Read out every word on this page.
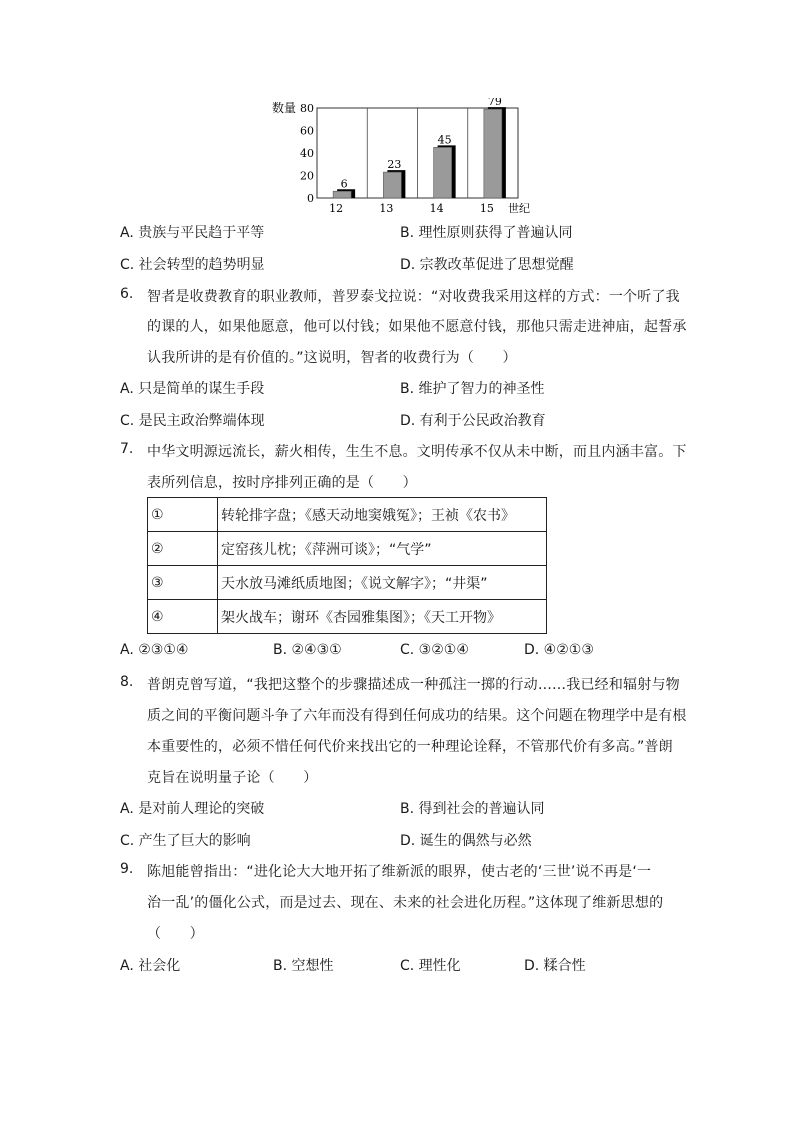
数量 80
60
40
20
0
6
12
23
13
45
14
79
15 世纪
A. 贵族与平民趋于平等	B. 理性原则获得了普遍认同
C. 社会转型的趋势明显	D. 宗教改革促进了思想觉醒
6. 智者是收费教育的职业教师，普罗泰戈拉说：“对收费我采用这样的方式：一个听了我
的课的人，如果他愿意，他可以付钱；如果他不愿意付钱，那他只需走进神庙，起誓承
认我所讲的是有价值的。”这说明，智者的收费行为（　　）
A. 只是简单的谋生手段	B. 维护了智力的神圣性
C. 是民主政治弊端体现	D. 有利于公民政治教育
7. 中华文明源远流长，薪火相传，生生不息。文明传承不仅从未中断，而且内涵丰富。下
表所列信息，按时序排列正确的是（　　）
①	转轮排字盘；《感天动地窦娥冤》；王祯《农书》
②	定窑孩儿枕；《萍洲可谈》；“气学”
③	天水放马滩纸质地图；《说文解字》；“井渠”
④	架火战车；谢环《杏园雅集图》；《天工开物》
A. ②③①④	B. ②④③①	C. ③②①④	D. ④②①③
8. 普朗克曾写道，“我把这整个的步骤描述成一种孤注一掷的行动……我已经和辐射与物
质之间的平衡问题斗争了六年而没有得到任何成功的结果。这个问题在物理学中是有根
本重要性的，必须不惜任何代价来找出它的一种理论诠释，不管那代价有多高。”普朗
克旨在说明量子论（　　）
A. 是对前人理论的突破	B. 得到社会的普遍认同
C. 产生了巨大的影响	D. 诞生的偶然与必然
9. 陈旭能曾指出：“进化论大大地开拓了维新派的眼界，使古老的‘三世’说不再是‘一
治一乱’的僵化公式，而是过去、现在、未来的社会进化历程。”这体现了维新思想的
（　　）
A. 社会化	B. 空想性	C. 理性化	D. 糅合性
